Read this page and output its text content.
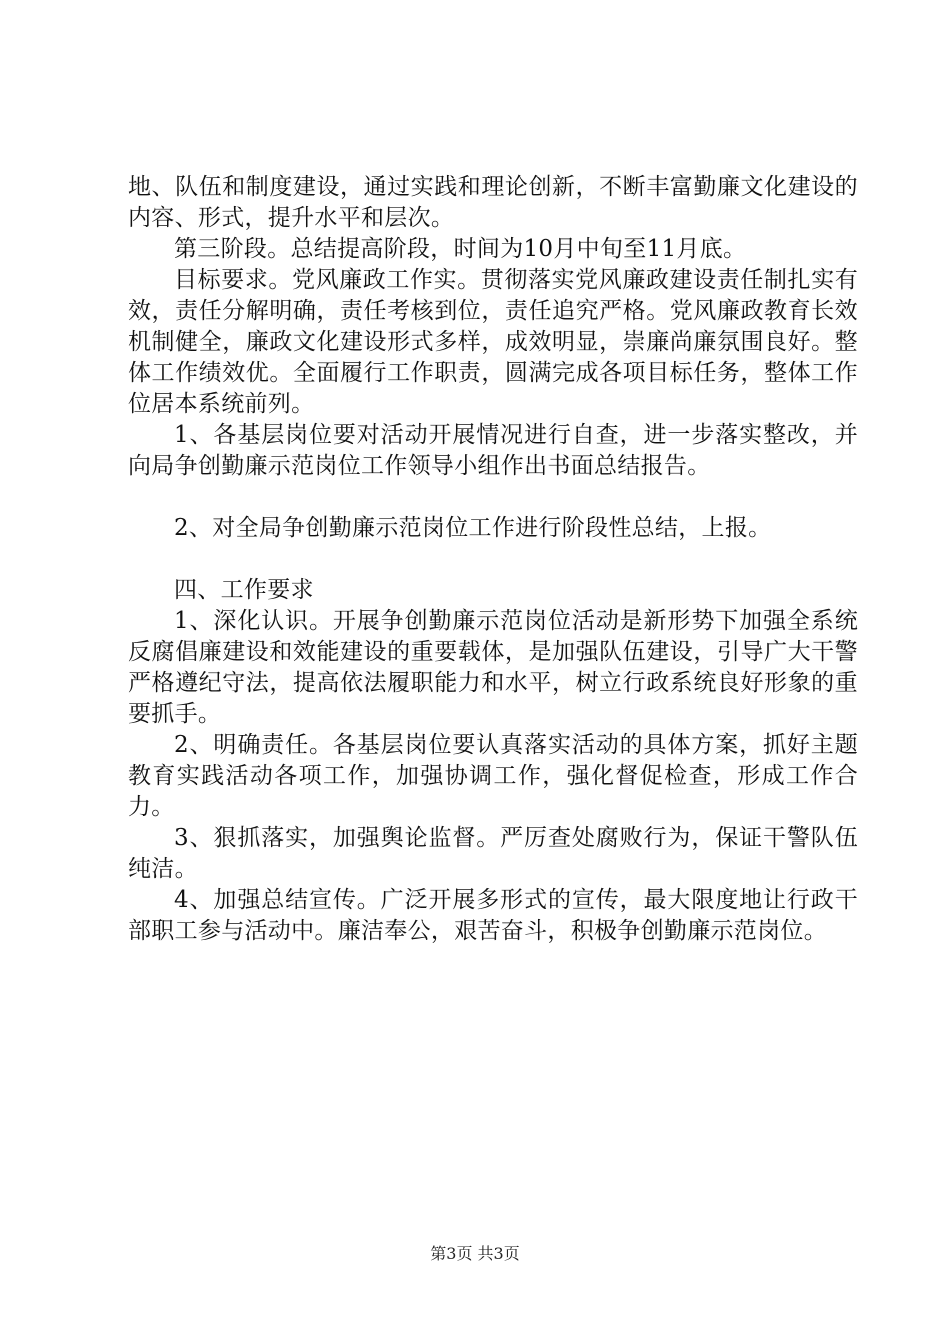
地、队伍和制度建设，通过实践和理论创新，不断丰富勤廉文化建设的内容、形式，提升水平和层次。

第三阶段。总结提高阶段，时间为10月中旬至11月底。

目标要求。党风廉政工作实。贯彻落实党风廉政建设责任制扎实有效，责任分解明确，责任考核到位，责任追究严格。党风廉政教育长效机制健全，廉政文化建设形式多样，成效明显，崇廉尚廉氛围良好。整体工作绩效优。全面履行工作职责，圆满完成各项目标任务，整体工作位居本系统前列。

1、各基层岗位要对活动开展情况进行自查，进一步落实整改，并向局争创勤廉示范岗位工作领导小组作出书面总结报告。

2、对全局争创勤廉示范岗位工作进行阶段性总结，上报。

四、工作要求

1、深化认识。开展争创勤廉示范岗位活动是新形势下加强全系统反腐倡廉建设和效能建设的重要载体，是加强队伍建设，引导广大干警严格遵纪守法，提高依法履职能力和水平，树立行政系统良好形象的重要抓手。

2、明确责任。各基层岗位要认真落实活动的具体方案，抓好主题教育实践活动各项工作，加强协调工作，强化督促检查，形成工作合力。

3、狠抓落实，加强舆论监督。严厉查处腐败行为，保证干警队伍纯洁。

4、加强总结宣传。广泛开展多形式的宣传，最大限度地让行政干部职工参与活动中。廉洁奉公，艰苦奋斗，积极争创勤廉示范岗位。

第3页 共3页
